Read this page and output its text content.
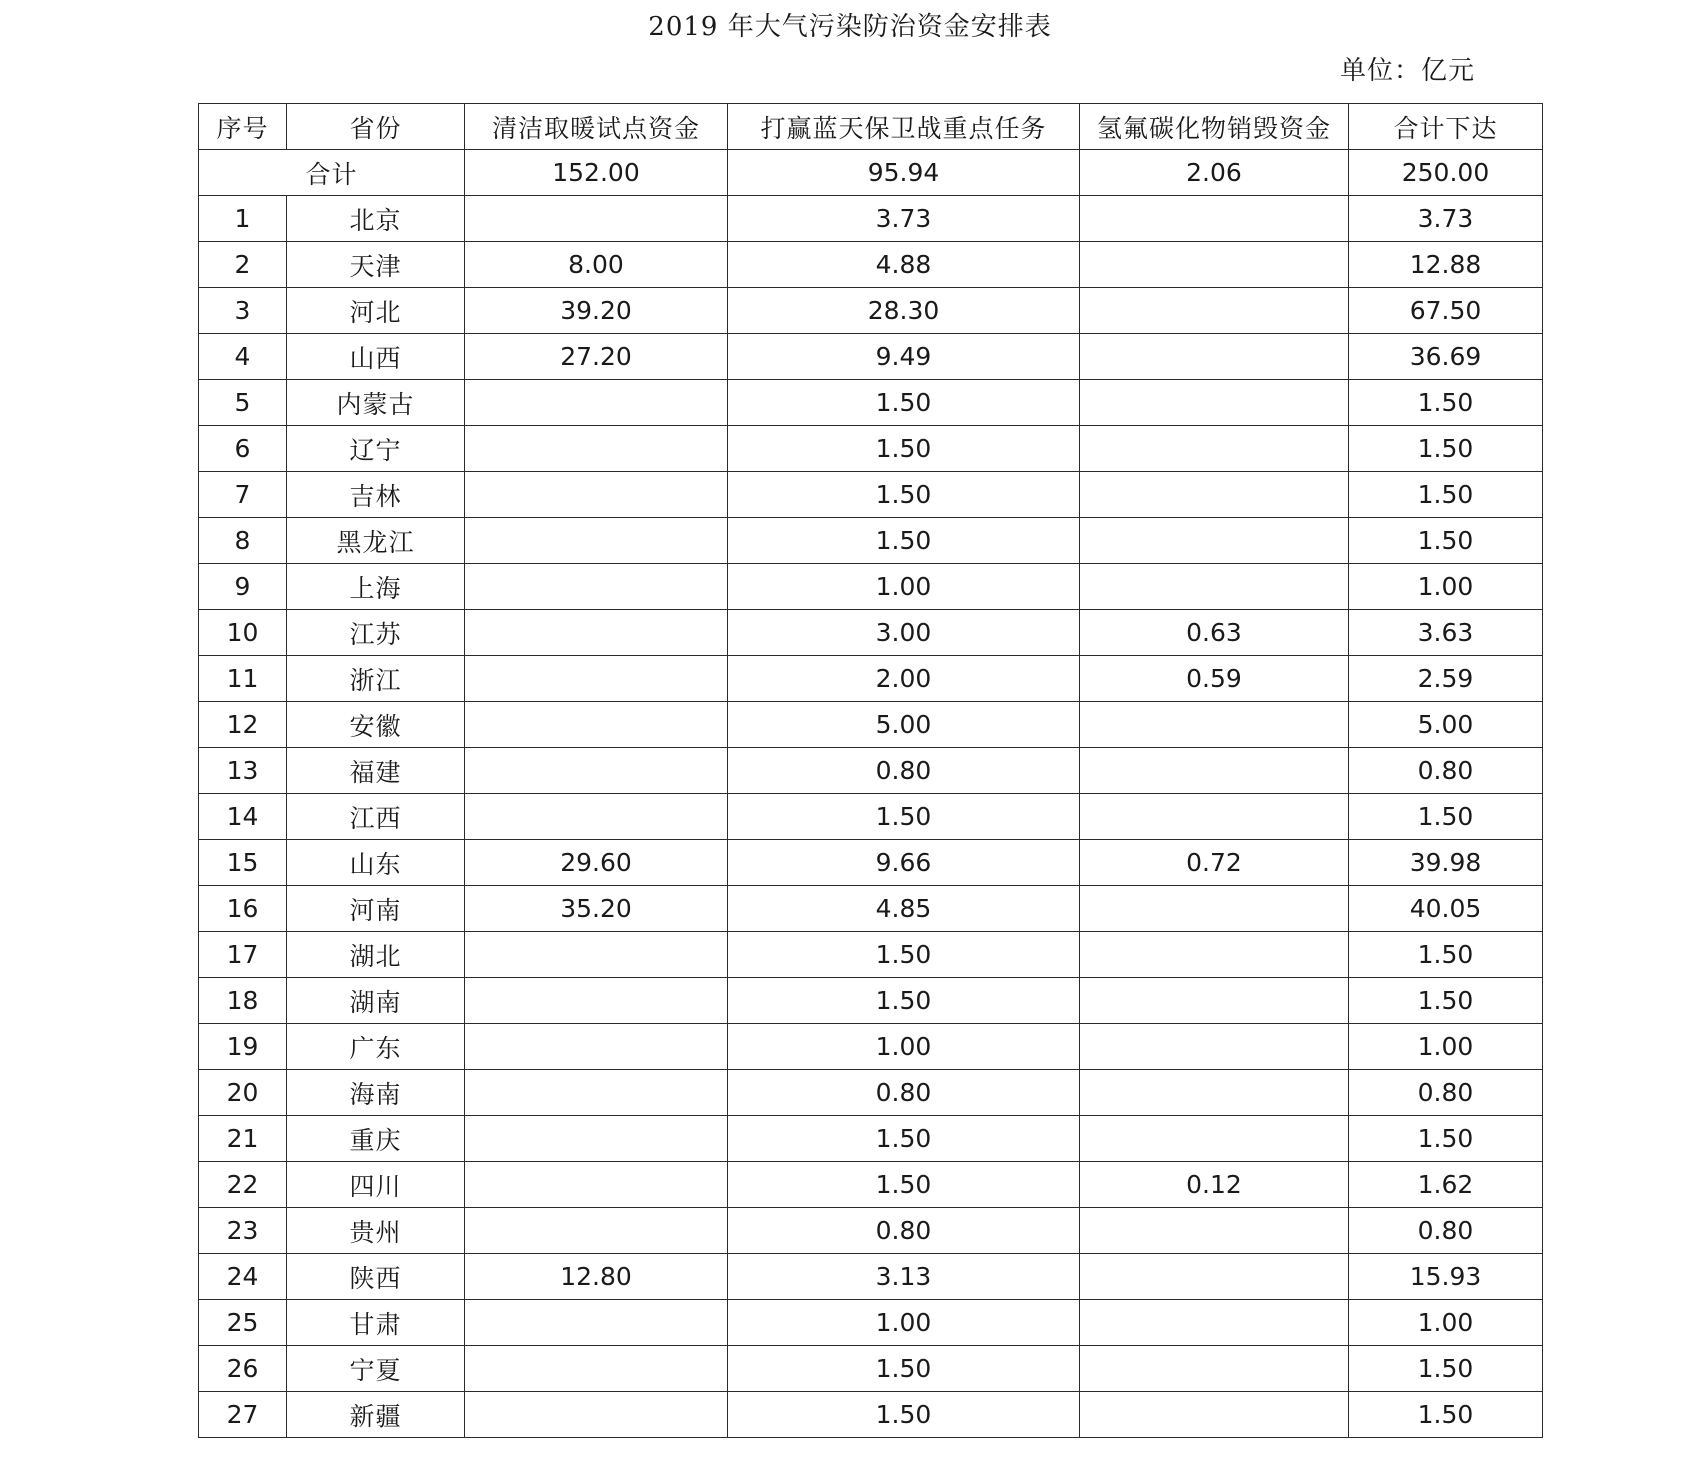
2019 年大气污染防治资金安排表
单位：亿元
序号	省份	清洁取暖试点资金	打赢蓝天保卫战重点任务	氢氟碳化物销毁资金	合计下达
合计		152.00	95.94	2.06	250.00
1	北京		3.73		3.73
2	天津	8.00	4.88		12.88
3	河北	39.20	28.30		67.50
4	山西	27.20	9.49		36.69
5	内蒙古		1.50		1.50
6	辽宁		1.50		1.50
7	吉林		1.50		1.50
8	黑龙江		1.50		1.50
9	上海		1.00		1.00
10	江苏		3.00	0.63	3.63
11	浙江		2.00	0.59	2.59
12	安徽		5.00		5.00
13	福建		0.80		0.80
14	江西		1.50		1.50
15	山东	29.60	9.66	0.72	39.98
16	河南	35.20	4.85		40.05
17	湖北		1.50		1.50
18	湖南		1.50		1.50
19	广东		1.00		1.00
20	海南		0.80		0.80
21	重庆		1.50		1.50
22	四川		1.50	0.12	1.62
23	贵州		0.80		0.80
24	陕西	12.80	3.13		15.93
25	甘肃		1.00		1.00
26	宁夏		1.50		1.50
27	新疆		1.50		1.50
